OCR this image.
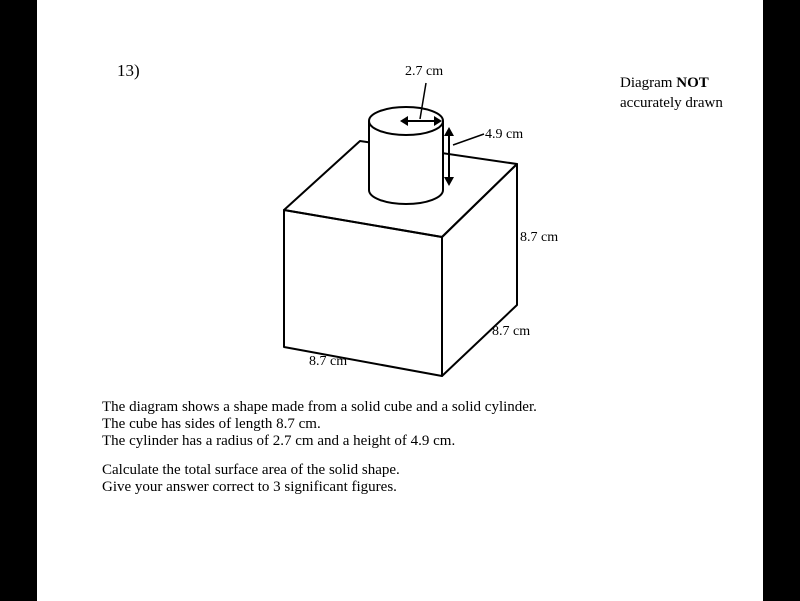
13)
Diagram NOT
accurately drawn
2.7 cm
4.9 cm
8.7 cm
8.7 cm
8.7 cm
The diagram shows a shape made from a solid cube and a solid cylinder.
The cube has sides of length 8.7 cm.
The cylinder has a radius of 2.7 cm and a height of 4.9 cm.
Calculate the total surface area of the solid shape.
Give your answer correct to 3 significant figures.
